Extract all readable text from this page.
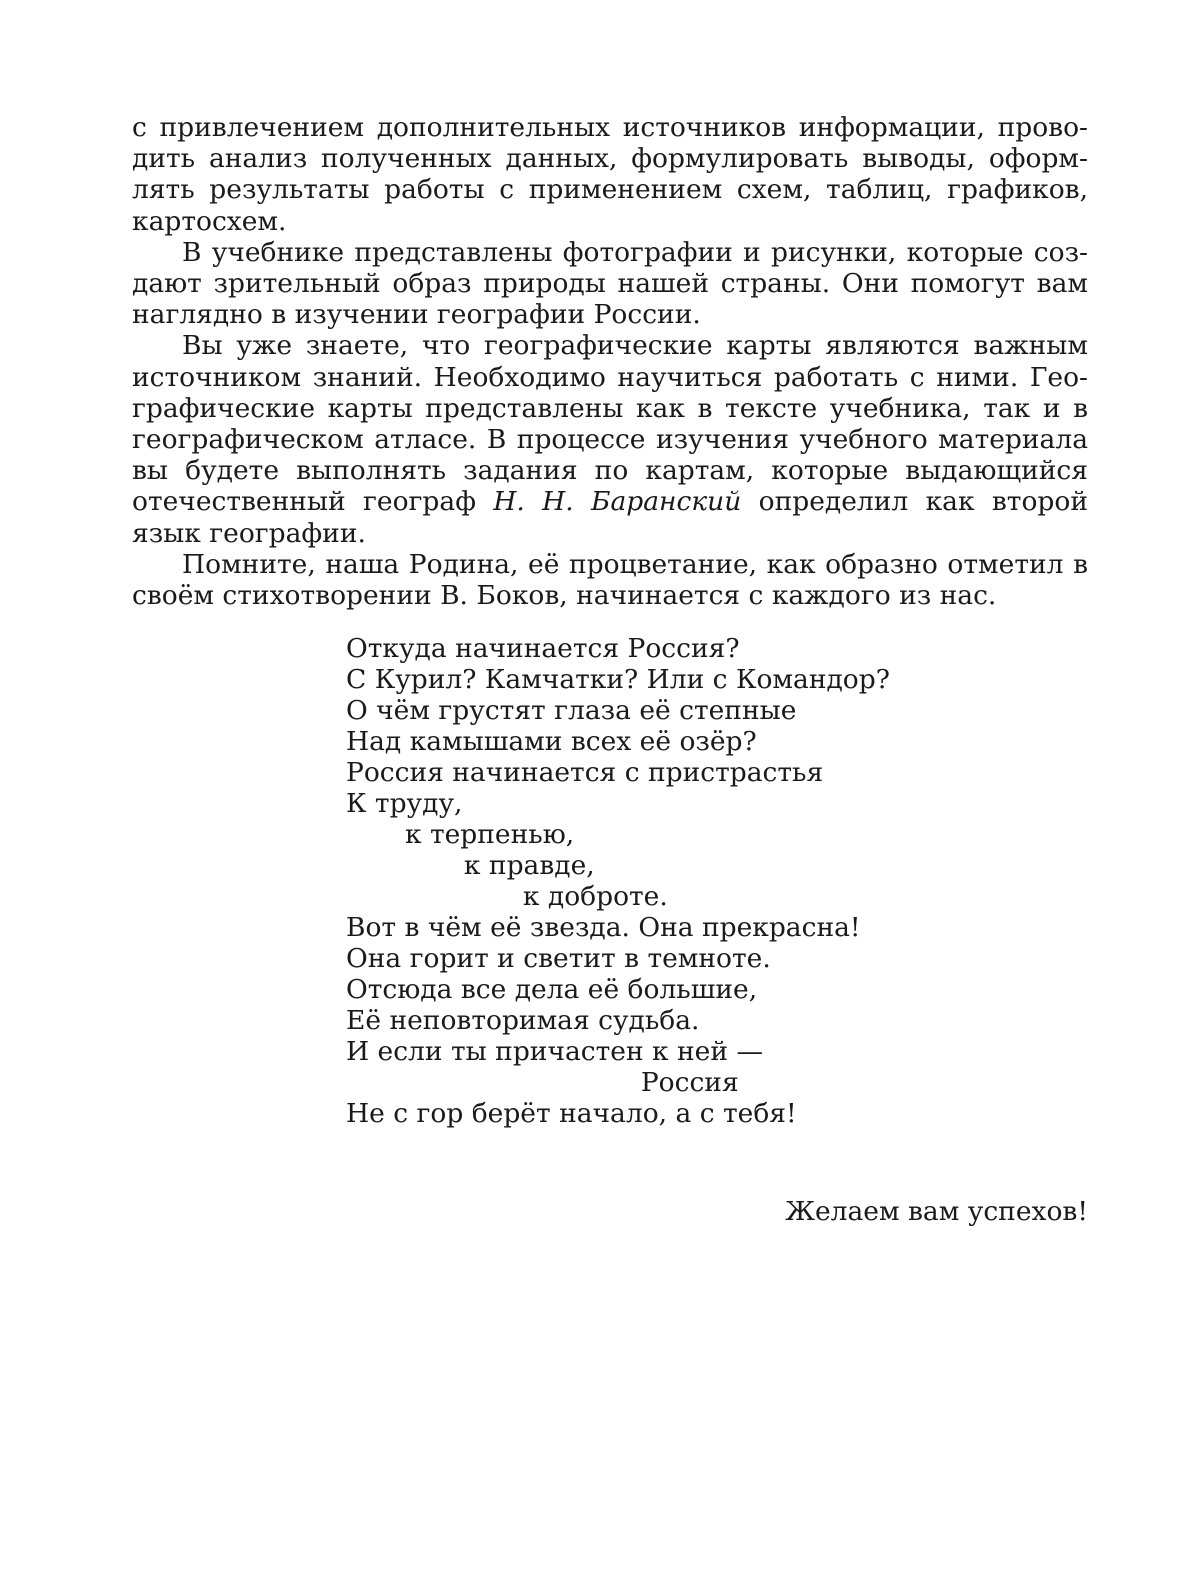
с привлечением дополнительных источников информации, прово-
дить анализ полученных данных, формулировать выводы, оформ-
лять результаты работы с применением схем, таблиц, графиков,
картосхем.

В учебнике представлены фотографии и рисунки, которые соз-
дают зрительный образ природы нашей страны. Они помогут вам
наглядно в изучении географии России.

Вы уже знаете, что географические карты являются важным
источником знаний. Необходимо научиться работать с ними. Гео-
графические карты представлены как в тексте учебника, так и в
географическом атласе. В процессе изучения учебного материала
вы будете выполнять задания по картам, которые выдающийся
отечественный географ Н. Н. Баранский определил как второй
язык географии.

Помните, наша Родина, её процветание, как образно отметил в
своём стихотворении В. Боков, начинается с каждого из нас.

Откуда начинается Россия?
С Курил? Камчатки? Или с Командор?
О чём грустят глаза её степные
Над камышами всех её озёр?
Россия начинается с пристрастья
К труду,
к терпенью,
к правде,
к доброте.
Вот в чём её звезда. Она прекрасна!
Она горит и светит в темноте.
Отсюда все дела её большие,
Её неповторимая судьба.
И если ты причастен к ней —
Россия
Не с гор берёт начало, а с тебя!
Желаем вам успехов!
